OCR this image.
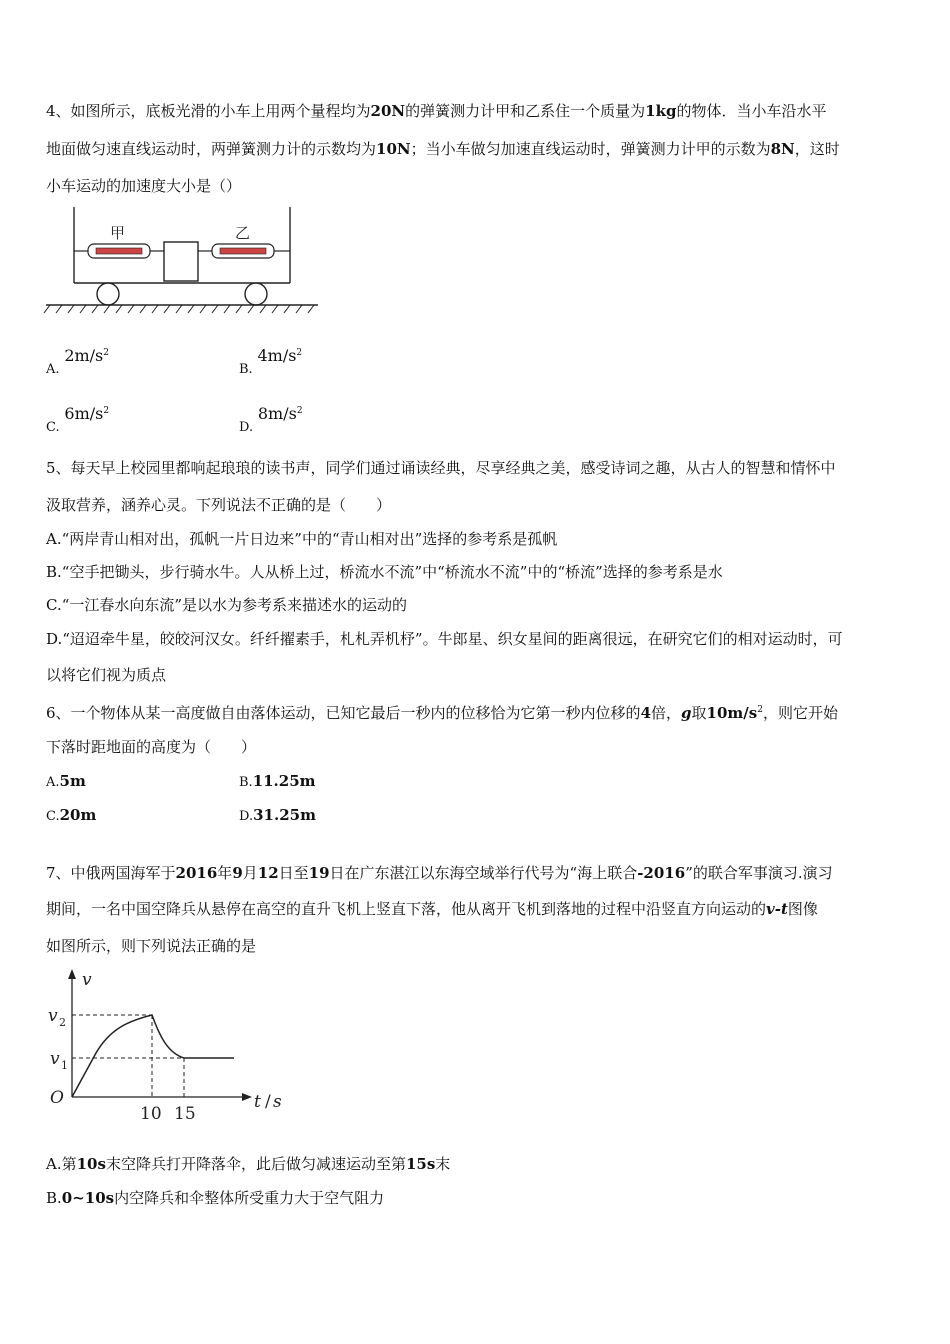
4、如图所示，底板光滑的小车上用两个量程均为20N的弹簧测力计甲和乙系住一个质量为1kg的物体．当小车沿水平
地面做匀速直线运动时，两弹簧测力计的示数均为10N；当小车做匀加速直线运动时，弹簧测力计甲的示数为8N，这时
小车运动的加速度大小是（）
甲	乙
A. $2m/s^2$
B. $4m/s^2$
C. $6m/s^2$
D. $8m/s^2$
5、每天早上校园里都响起琅琅的读书声，同学们通过诵读经典，尽享经典之美，感受诗词之趣，从古人的智慧和情怀中
汲取营养，涵养心灵。下列说法不正确的是（　　）
A.“两岸青山相对出，孤帆一片日边来”中的“青山相对出”选择的参考系是孤帆
B.“空手把锄头，步行骑水牛。人从桥上过，桥流水不流”中“桥流水不流”中的“桥流”选择的参考系是水
C.“一江春水向东流”是以水为参考系来描述水的运动的
D.“迢迢牵牛星，皎皎河汉女。纤纤擢素手，札札弄机杼”。牛郎星、织女星间的距离很远，在研究它们的相对运动时，可
以将它们视为质点
6、一个物体从某一高度做自由落体运动，已知它最后一秒内的位移恰为它第一秒内位移的4倍，g取$10m/s^2$，则它开始
下落时距地面的高度为（　　）
A.5m	B.11.25m
C.20m	D.31.25m
7、中俄两国海军于2016年9月12日至19日在广东湛江以东海空域举行代号为“海上联合-2016”的联合军事演习.演习
期间，一名中国空降兵从悬停在高空的直升飞机上竖直下落，他从离开飞机到落地的过程中沿竖直方向运动的v-t图像
如图所示，则下列说法正确的是
v
v 2
v 1
O
10 15
t / s
A.第10s末空降兵打开降落伞，此后做匀减速运动至第15s末
B.0~10s内空降兵和伞整体所受重力大于空气阻力
